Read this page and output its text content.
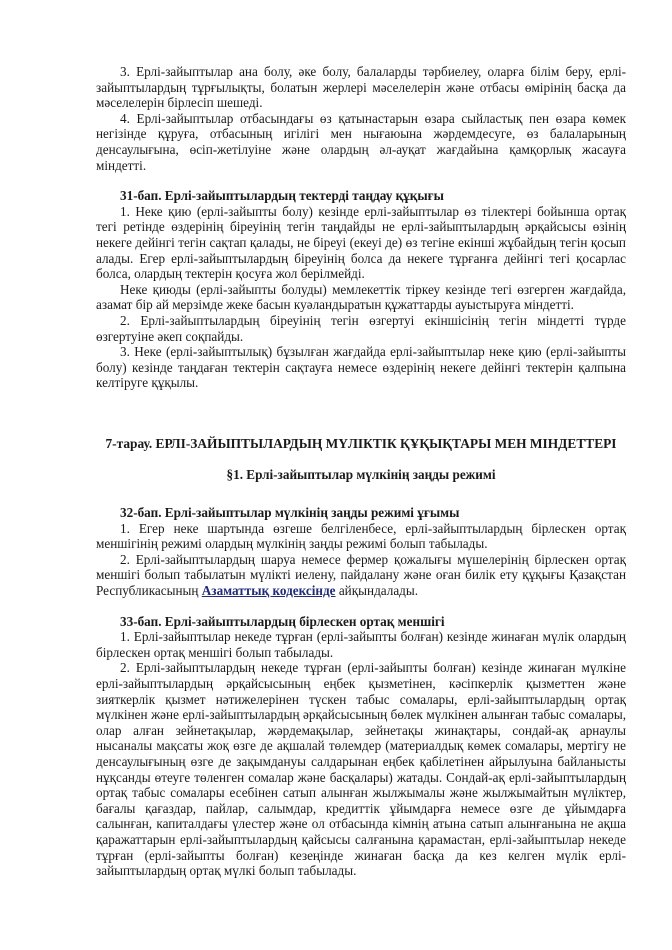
3. Ерлі-зайыптылар ана болу, әке болу, балаларды тәрбиелеу, оларға білім беру, ерлі-зайыптылардың тұрғылықты, болатын жерлері мәселелерін және отбасы өмірінің басқа да мәселелерін бірлесіп шешеді.

4. Ерлі-зайыптылар отбасындағы өз қатынастарын өзара сыйластық пен өзара көмек негізінде құруға, отбасының игілігі мен нығаюына жәрдемдесуге, өз балаларының денсаулығына, өсіп-жетілуіне және олардың әл-ауқат жағдайына қамқорлық жасауға міндетті.

31-бап. Ерлі-зайыптылардың тектерді таңдау құқығы

1. Неке қию (ерлі-зайыпты болу) кезінде ерлі-зайыптылар өз тілектері бойынша ортақ тегі ретінде өздерінің біреуінің тегін таңдайды не ерлі-зайыптылардың әрқайсысы өзінің некеге дейінгі тегін сақтап қалады, не біреуі (екеуі де) өз тегіне екінші жұбайдың тегін қосып алады. Егер ерлі-зайыптылардың біреуінің болса да некеге тұрғанға дейінгі тегі қосарлас болса, олардың тектерін қосуға жол берілмейді.

Неке қиюды (ерлі-зайыпты болуды) мемлекеттік тіркеу кезінде тегі өзгерген жағдайда, азамат бір ай мерзімде жеке басын куәландыратын құжаттарды ауыстыруға міндетті.

2. Ерлі-зайыптылардың біреуінің тегін өзгертуі екіншісінің тегін міндетті түрде өзгертуіне әкеп соқпайды.

3. Неке (ерлі-зайыптылық) бұзылған жағдайда ерлі-зайыптылар неке қию (ерлі-зайыпты болу) кезінде таңдаған тектерін сақтауға немесе өздерінің некеге дейінгі тектерін қалпына келтіруге құқылы.

7-тарау. ЕРЛІ-ЗАЙЫПТЫЛАРДЫҢ МҮЛІКТІК ҚҰҚЫҚТАРЫ МЕН МІНДЕТТЕРІ

§1. Ерлі-зайыптылар мүлкінің заңды режимі

32-бап. Ерлі-зайыптылар мүлкінің заңды режимі ұғымы

1. Егер неке шартында өзгеше белгіленбесе, ерлі-зайыптылардың бірлескен ортақ меншігінің режимі олардың мүлкінің заңды режимі болып табылады.

2. Ерлі-зайыптылардың шаруа немесе фермер қожалығы мүшелерінің бірлескен ортақ меншігі болып табылатын мүлікті иелену, пайдалану және оған билік ету құқығы Қазақстан Республикасының Азаматтық кодексінде айқындалады.

33-бап. Ерлі-зайыптылардың бірлескен ортақ меншігі

1. Ерлі-зайыптылар некеде тұрған (ерлі-зайыпты болған) кезінде жинаған мүлік олардың бірлескен ортақ меншігі болып табылады.

2. Ерлі-зайыптылардың некеде тұрған (ерлі-зайыпты болған) кезінде жинаған мүлкіне ерлі-зайыптылардың әрқайсысының еңбек қызметінен, кәсіпкерлік қызметтен және зияткерлік қызмет нәтижелерінен түскен табыс сомалары, ерлі-зайыптылардың ортақ мүлкінен және ерлі-зайыптылардың әрқайсысының бөлек мүлкінен алынған табыс сомалары, олар алған зейнетақылар, жәрдемақылар, зейнетақы жинақтары, сондай-ақ арнаулы нысаналы мақсаты жоқ өзге де ақшалай төлемдер (материалдық көмек сомалары, мертігу не денсаулығының өзге де зақымдануы салдарынан еңбек қабілетінен айрылуына байланысты нұқсанды өтеуге төленген сомалар және басқалары) жатады. Сондай-ақ ерлі-зайыптылардың ортақ табыс сомалары есебінен сатып алынған жылжымалы және жылжымайтын мүліктер, бағалы қағаздар, пайлар, салымдар, кредиттік ұйымдарға немесе өзге де ұйымдарға салынған, капиталдағы үлестер және ол отбасында кімнің атына сатып алынғанына не ақша қаражаттарын ерлі-зайыптылардың қайсысы салғанына қарамастан, ерлі-зайыптылар некеде тұрған (ерлі-зайыпты болған) кезеңінде жинаған басқа да кез келген мүлік ерлі-зайыптылардың ортақ мүлкі болып табылады.
